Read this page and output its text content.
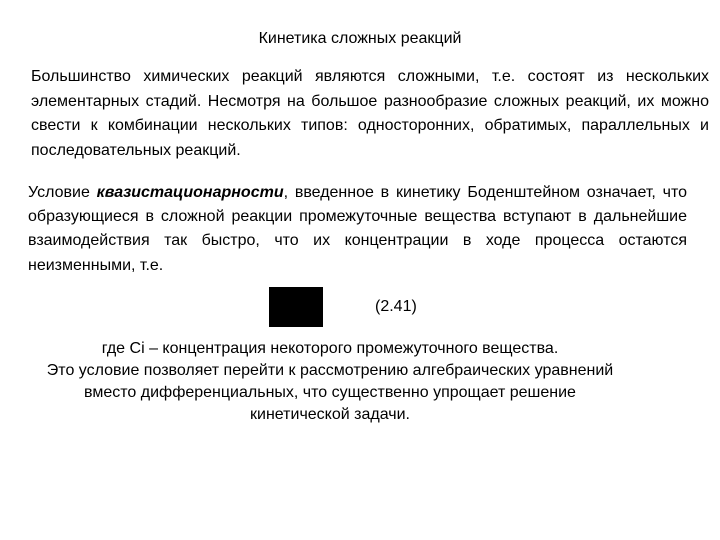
Кинетика сложных реакций

Большинство химических реакций являются сложными, т.е. состоят из нескольких элементарных стадий. Несмотря на большое разнообразие сложных реакций, их можно свести к комбинации нескольких типов: односторонних, обратимых, параллельных и последовательных реакций.

Условие квазистационарности, введенное в кинетику Боденштейном означает, что образующиеся в сложной реакции промежуточные вещества вступают в дальнейшие взаимодействия так быстро, что их концентрации в ходе процесса остаются неизменными, т.е.

(2.41)
где Ci – концентрация некоторого промежуточного вещества.
Это условие позволяет перейти к рассмотрению алгебраических уравнений
вместо дифференциальных, что существенно упрощает решение
кинетической задачи.
